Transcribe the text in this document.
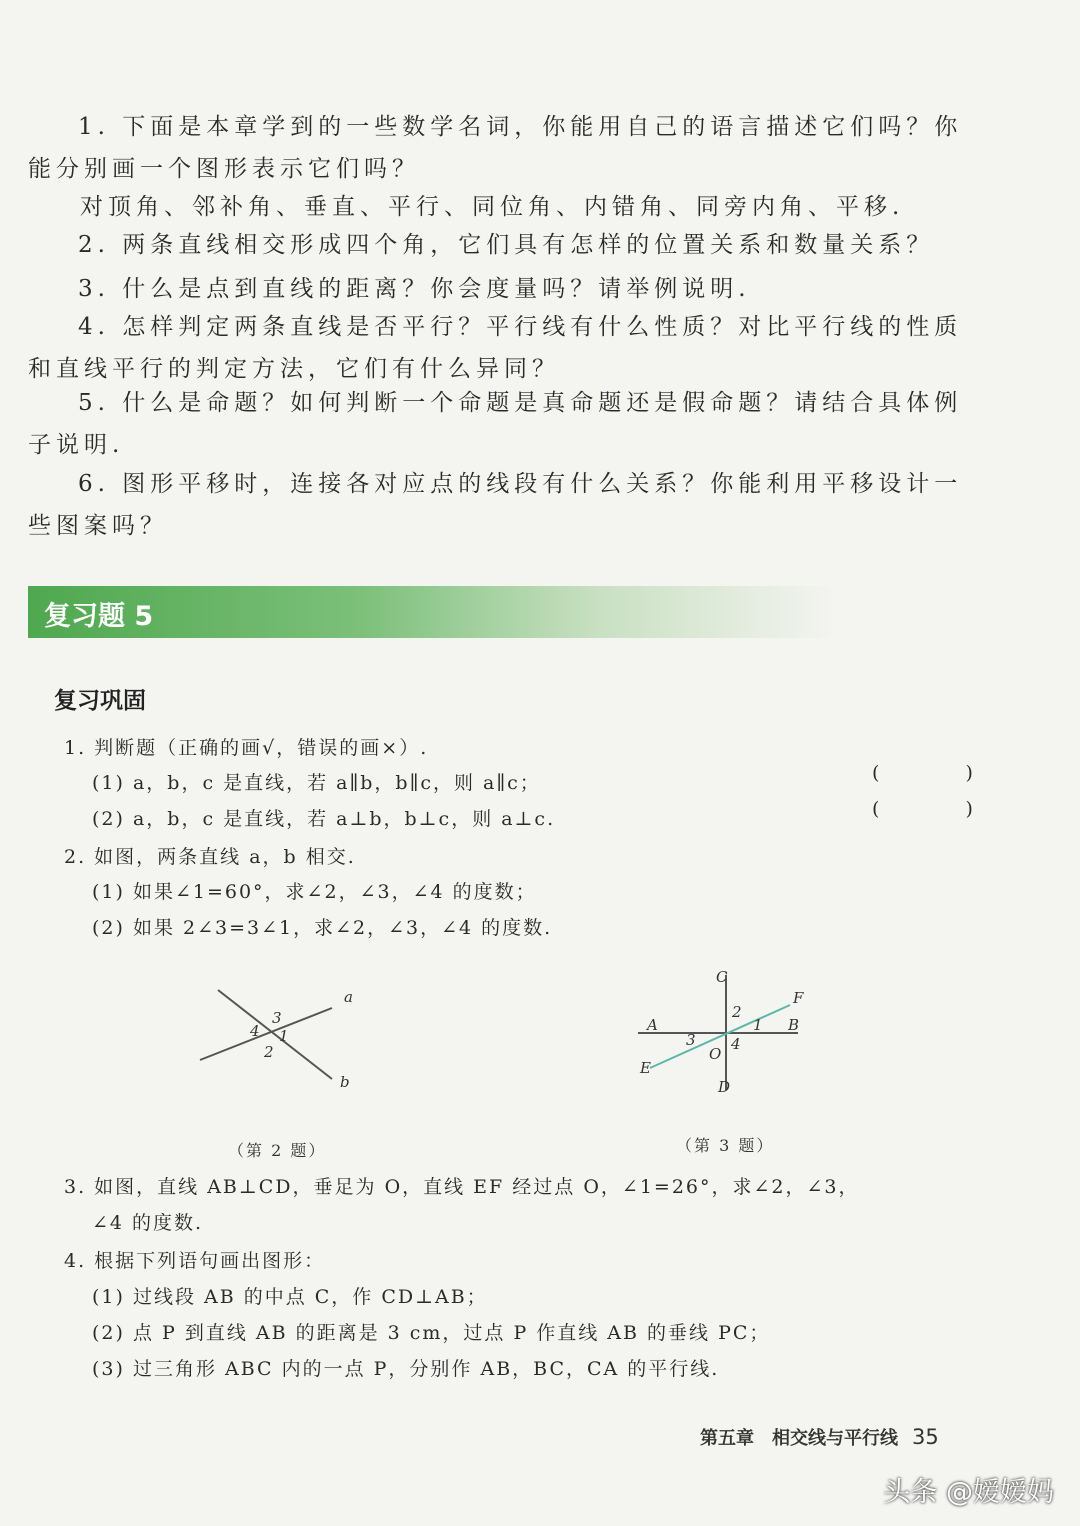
1. 下面是本章学到的一些数学名词，你能用自己的语言描述它们吗？你
能分别画一个图形表示它们吗？
对顶角、邻补角、垂直、平行、同位角、内错角、同旁内角、平移.
2. 两条直线相交形成四个角，它们具有怎样的位置关系和数量关系？
3. 什么是点到直线的距离？你会度量吗？请举例说明.
4. 怎样判定两条直线是否平行？平行线有什么性质？对比平行线的性质
和直线平行的判定方法，它们有什么异同？
5. 什么是命题？如何判断一个命题是真命题还是假命题？请结合具体例
子说明.
6. 图形平移时，连接各对应点的线段有什么关系？你能利用平移设计一
些图案吗？
复习题 5
复习巩固
1. 判断题（正确的画√，错误的画×）.
(1) a，b，c 是直线，若 a∥b，b∥c，则 a∥c；
(2) a，b，c 是直线，若 a⊥b，b⊥c，则 a⊥c.
( )
( )
2. 如图，两条直线 a，b 相交.
(1) 如果∠1=60°，求∠2，∠3，∠4 的度数；
(2) 如果 2∠3=3∠1，求∠2，∠3，∠4 的度数.
3. 如图，直线 AB⊥CD，垂足为 O，直线 EF 经过点 O，∠1=26°，求∠2，∠3，
∠4 的度数.
4. 根据下列语句画出图形：
(1) 过线段 AB 的中点 C，作 CD⊥AB；
(2) 点 P 到直线 AB 的距离是 3 cm，过点 P 作直线 AB 的垂线 PC；
(3) 过三角形 ABC 内的一点 P，分别作 AB，BC，CA 的平行线.
a
b
1
2
3
4
（第 2 题）
C
D
A	B
E
F
O
1
2
3 4
（第 3 题）
第五章　相交线与平行线 35
头条 @嫒嫒妈
